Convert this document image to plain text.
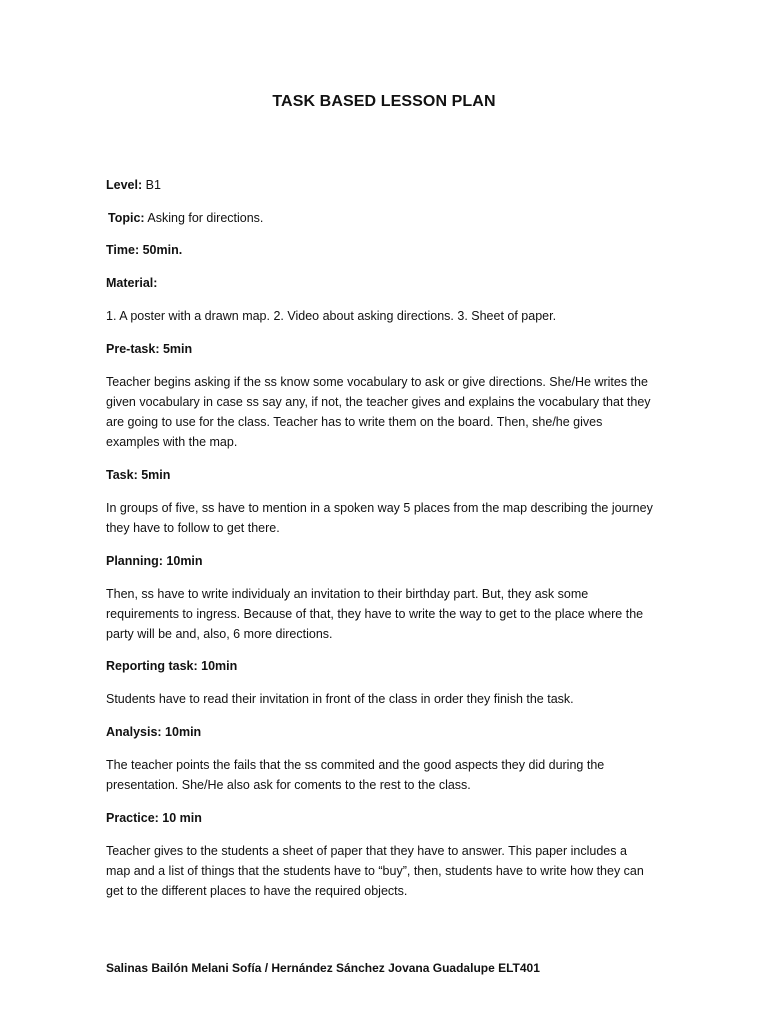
TASK BASED LESSON PLAN
Level: B1
Topic: Asking for directions.
Time: 50min.
Material:
1. A poster with a drawn map. 2. Video about asking directions. 3. Sheet of paper.
Pre-task: 5min
Teacher begins asking if the ss know some vocabulary to ask or give directions. She/He writes the
given vocabulary in case ss say any, if not, the teacher gives and explains the vocabulary that they
are going to use for the class. Teacher has to write them on the board. Then, she/he gives
examples with the map.
Task: 5min
In groups of five, ss have to mention in a spoken way 5 places from the map describing the journey
they have to follow to get there.
Planning: 10min
Then, ss have to write individualy an invitation to their birthday part. But, they ask some
requirements to ingress. Because of that, they have to write the way to get to the place where the
party will be and, also, 6 more directions.
Reporting task: 10min
Students have to read their invitation in front of the class in order they finish the task.
Analysis: 10min
The teacher points the fails that the ss commited and the good aspects they did during the
presentation. She/He also ask for coments to the rest to the class.
Practice: 10 min
Teacher gives to the students a sheet of paper that they have to answer. This paper includes a
map and a list of things that the students have to “buy”, then, students have to write how they can
get to the different places to have the required objects.
Salinas Bailón Melani Sofía / Hernández Sánchez Jovana Guadalupe ELT401
